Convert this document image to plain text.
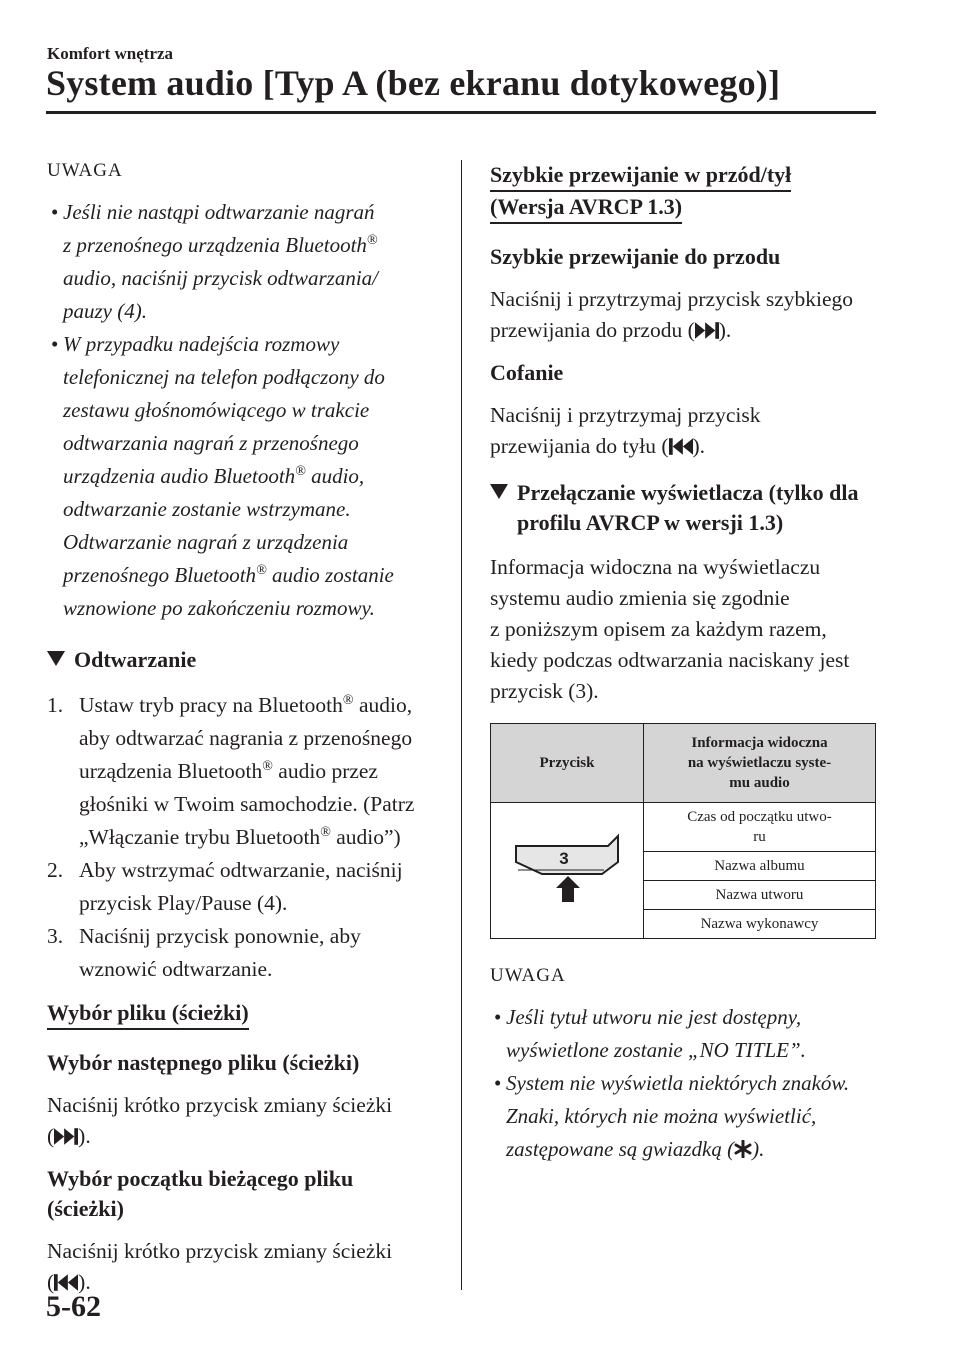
Komfort wnętrza
System audio [Typ A (bez ekranu dotykowego)]

UWAGA

• Jeśli nie nastąpi odtwarzanie nagrań
z przenośnego urządzenia Bluetooth®
audio, naciśnij przycisk odtwarzania/
pauzy (4).
• W przypadku nadejścia rozmowy
telefonicznej na telefon podłączony do
zestawu głośnomówiącego w trakcie
odtwarzania nagrań z przenośnego
urządzenia audio Bluetooth® audio,
odtwarzanie zostanie wstrzymane.
Odtwarzanie nagrań z urządzenia
przenośnego Bluetooth® audio zostanie
wznowione po zakończeniu rozmowy.
Odtwarzanie
1. Ustaw tryb pracy na Bluetooth® audio,
aby odtwarzać nagrania z przenośnego
urządzenia Bluetooth® audio przez
głośniki w Twoim samochodzie. (Patrz
„Włączanie trybu Bluetooth® audio”)
2. Aby wstrzymać odtwarzanie, naciśnij
przycisk Play/Pause (4).
3. Naciśnij przycisk ponownie, aby
wznowić odtwarzanie.
Wybór pliku (ścieżki)

Wybór następnego pliku (ścieżki)

Naciśnij krótko przycisk zmiany ścieżki
( ).

Wybór początku bieżącego pliku
(ścieżki)

Naciśnij krótko przycisk zmiany ścieżki
( ).

Szybkie przewijanie w przód/tył
(Wersja AVRCP 1.3)

Szybkie przewijanie do przodu

Naciśnij i przytrzymaj przycisk szybkiego
przewijania do przodu ( ).

Cofanie

Naciśnij i przytrzymaj przycisk
przewijania do tyłu ( ).

Przełączanie wyświetlacza (tylko dla
profilu AVRCP w wersji 1.3)

Informacja widoczna na wyświetlaczu
systemu audio zmienia się zgodnie
z poniższym opisem za każdym razem,
kiedy podczas odtwarzania naciskany jest
przycisk (3).

Przycisk	Informacja widoczna
na wyświetlaczu syste-
mu audio

3	Czas od początku utwo-
ru
	Nazwa albumu
	Nazwa utworu
	Nazwa wykonawcy

UWAGA

• Jeśli tytuł utworu nie jest dostępny,
wyświetlone zostanie „NO TITLE”.
• System nie wyświetla niektórych znaków.
Znaki, których nie można wyświetlić,
zastępowane są gwiazdką ( ).
5-62
